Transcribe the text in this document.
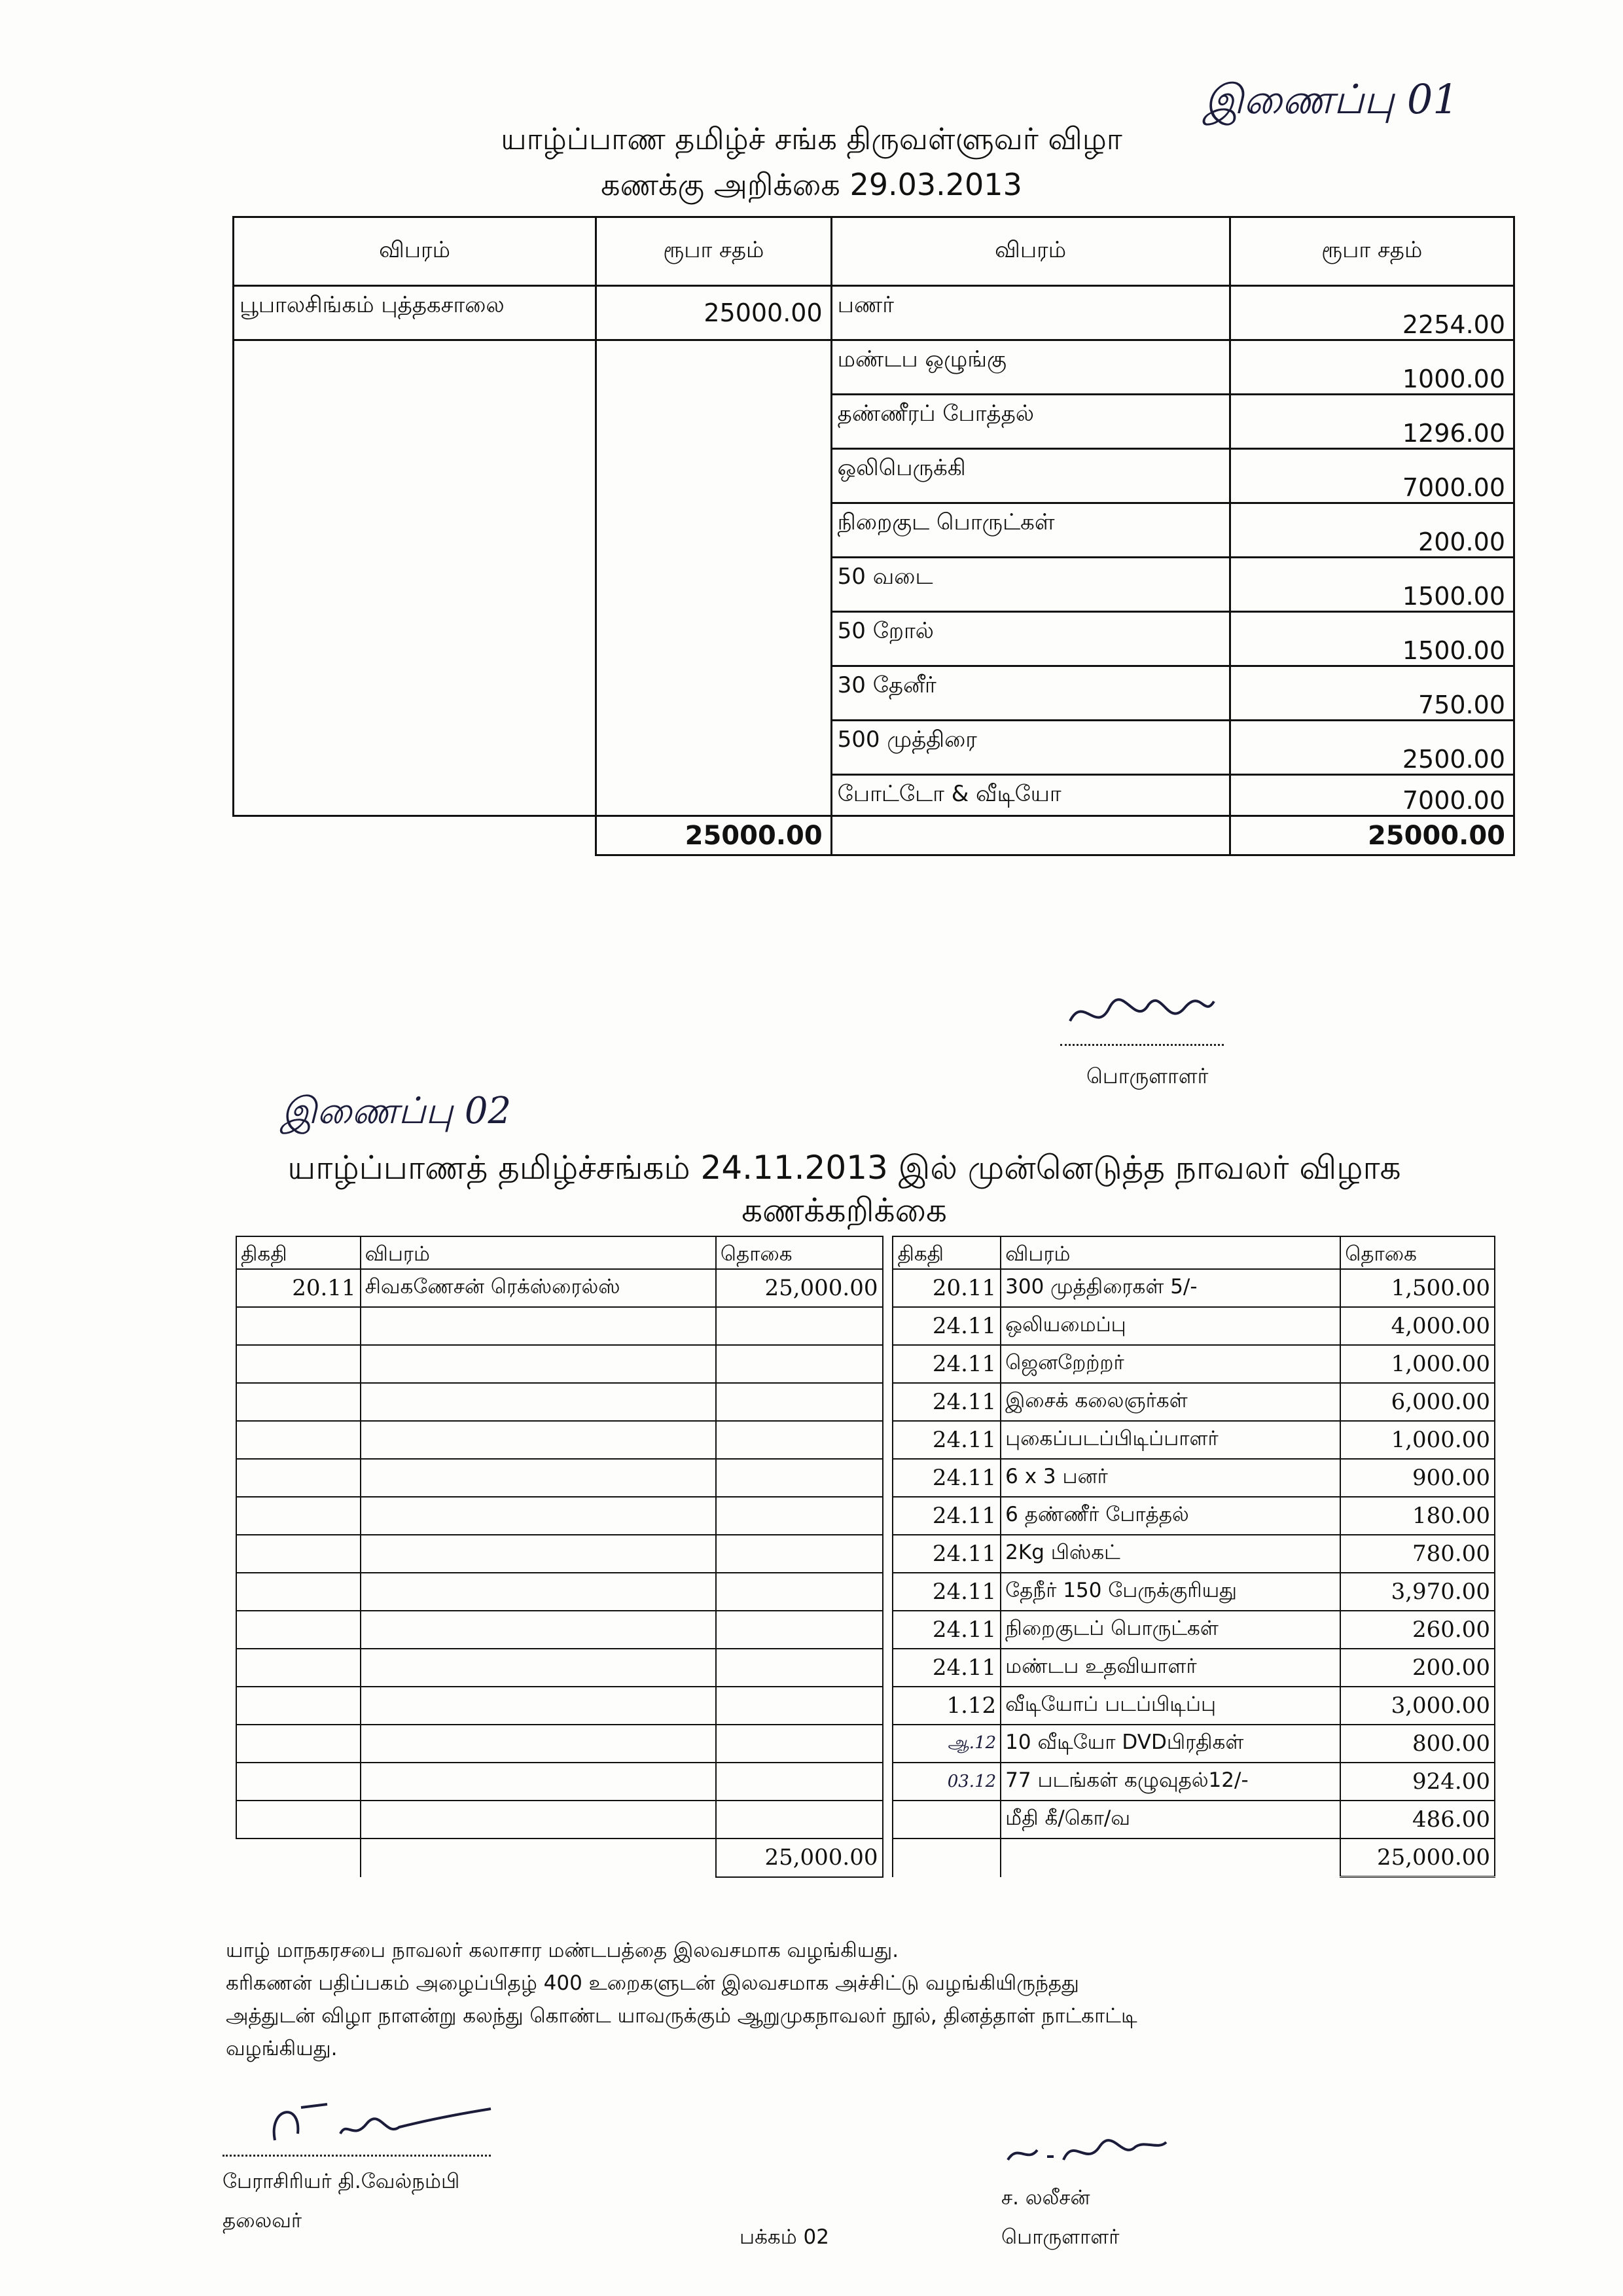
இணைப்பு 01
யாழ்ப்பாண தமிழ்ச் சங்க திருவள்ளுவர் விழா
கணக்கு அறிக்கை 29.03.2013
விபரம்	ரூபா சதம்	விபரம்	ரூபா சதம்
பூபாலசிங்கம் புத்தகசாலை	25000.00	பணர்	2254.00
		மண்டப ஒழுங்கு	1000.00
		தண்ணீரப் போத்தல்	1296.00
		ஒலிபெருக்கி	7000.00
		நிறைகுட பொருட்கள்	200.00
		50 வடை	1500.00
		50 றோல்	1500.00
		30 தேனீர்	750.00
		500 முத்திரை	2500.00
		போட்டோ & வீடியோ	7000.00
	25000.00		25000.00
பொருளாளர்
இணைப்பு 02
யாழ்ப்பாணத் தமிழ்ச்சங்கம் 24.11.2013 இல் முன்னெடுத்த நாவலர் விழாக
கணக்கறிக்கை
திகதி	விபரம்	தொகை		திகதி	விபரம்	தொகை
20.11	சிவகணேசன் ரெக்ஸ்ரைல்ஸ்	25,000.00		20.11	300 முத்திரைகள் 5/-	1,500.00
				24.11	ஒலியமைப்பு	4,000.00
				24.11	ஜெனறேற்றர்	1,000.00
				24.11	இசைக் கலைஞர்கள்	6,000.00
				24.11	புகைப்படப்பிடிப்பாளர்	1,000.00
				24.11	6 x 3 பனர்	900.00
				24.11	6 தண்ணீர் போத்தல்	180.00
				24.11	2Kg பிஸ்கட்	780.00
				24.11	தேநீர் 150 பேருக்குரியது	3,970.00
				24.11	நிறைகுடப் பொருட்கள்	260.00
				24.11	மண்டப உதவியாளர்	200.00
				1.12	வீடியோப் படப்பிடிப்பு	3,000.00
				ஆ.12	10 வீடியோ DVDபிரதிகள்	800.00
				03.12	77 படங்கள் கழுவுதல்12/-	924.00
					மீதி கீ/கொ/வ	486.00
		25,000.00				25,000.00
யாழ் மாநகரசபை நாவலர் கலாசார மண்டபத்தை இலவசமாக வழங்கியது.
கரிகணன் பதிப்பகம் அழைப்பிதழ் 400 உறைகளுடன் இலவசமாக அச்சிட்டு வழங்கியிருந்தது
அத்துடன் விழா நாளன்று கலந்து கொண்ட யாவருக்கும் ஆறுமுகநாவலர் நூல், தினத்தாள் நாட்காட்டி
வழங்கியது.
பேராசிரியர் தி.வேல்நம்பி
தலைவர்
ச. லலீசன்
பொருளாளர்
பக்கம் 02
